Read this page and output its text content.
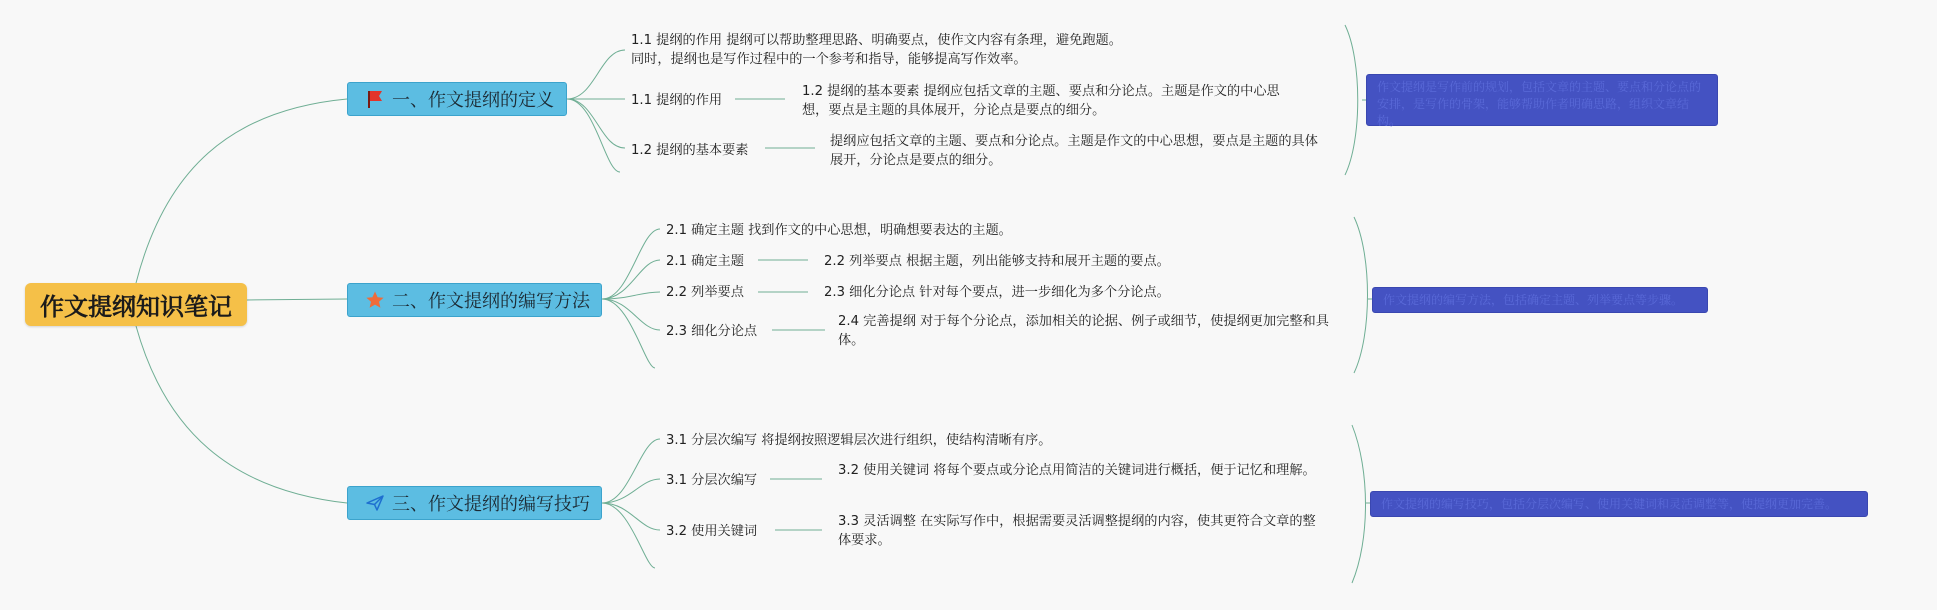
作文提纲知识笔记
一、作文提纲的定义
1.1 提纲的作用 提纲可以帮助整理思路、明确要点，使作文内容有条理，避免跑题。同时，提纲也是写作过程中的一个参考和指导，能够提高写作效率。
1.1 提纲的作用
1.2 提纲的基本要素
1.2 提纲的基本要素 提纲应包括文章的主题、要点和分论点。主题是作文的中心思想，要点是主题的具体展开，分论点是要点的细分。
提纲应包括文章的主题、要点和分论点。主题是作文的中心思想，要点是主题的具体展开，分论点是要点的细分。
作文提纲是写作前的规划，包括文章的主题、要点和分论点的安排，是写作的骨架，能够帮助作者明确思路，组织文章结构。
二、作文提纲的编写方法
2.1 确定主题 找到作文的中心思想，明确想要表达的主题。
2.1 确定主题
2.2 列举要点
2.3 细化分论点
2.2 列举要点 根据主题，列出能够支持和展开主题的要点。
2.3 细化分论点 针对每个要点，进一步细化为多个分论点。
2.4 完善提纲 对于每个分论点，添加相关的论据、例子或细节，使提纲更加完整和具体。
作文提纲的编写方法，包括确定主题、列举要点等步骤。
三、作文提纲的编写技巧
3.1 分层次编写 将提纲按照逻辑层次进行组织，使结构清晰有序。
3.1 分层次编写
3.2 使用关键词
3.2 使用关键词 将每个要点或分论点用简洁的关键词进行概括，便于记忆和理解。
3.3 灵活调整 在实际写作中，根据需要灵活调整提纲的内容，使其更符合文章的整体要求。
作文提纲的编写技巧，包括分层次编写、使用关键词和灵活调整等，使提纲更加完善。
